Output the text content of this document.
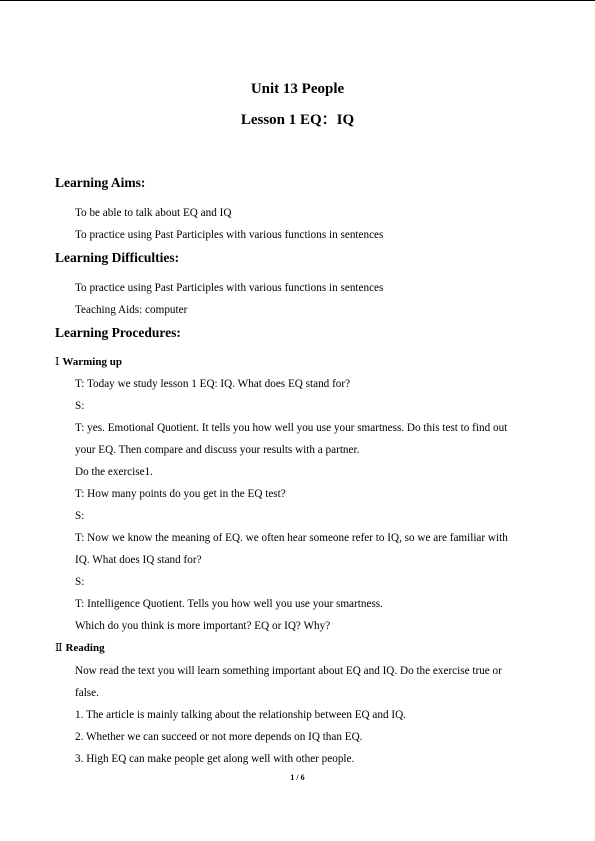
Unit 13 People
Lesson 1 EQ：IQ
Learning Aims:
To be able to talk about EQ and IQ
To practice using Past Participles with various functions in sentences
Learning Difficulties:
To practice using Past Participles with various functions in sentences
Teaching Aids: computer
Learning Procedures:
Ⅰ Warming up
T: Today we study lesson 1 EQ: IQ. What does EQ stand for?
S:
T: yes. Emotional Quotient. It tells you how well you use your smartness. Do this test to find out
your EQ. Then compare and discuss your results with a partner.
Do the exercise1.
T: How many points do you get in the EQ test?
S:
T: Now we know the meaning of EQ. we often hear someone refer to IQ, so we are familiar with
IQ. What does IQ stand for?
S:
T: Intelligence Quotient. Tells you how well you use your smartness.
Which do you think is more important? EQ or IQ? Why?
Ⅱ Reading
Now read the text you will learn something important about EQ and IQ. Do the exercise true or
false.
1. The article is mainly talking about the relationship between EQ and IQ.
2. Whether we can succeed or not more depends on IQ than EQ.
3. High EQ can make people get along well with other people.
1 / 6
